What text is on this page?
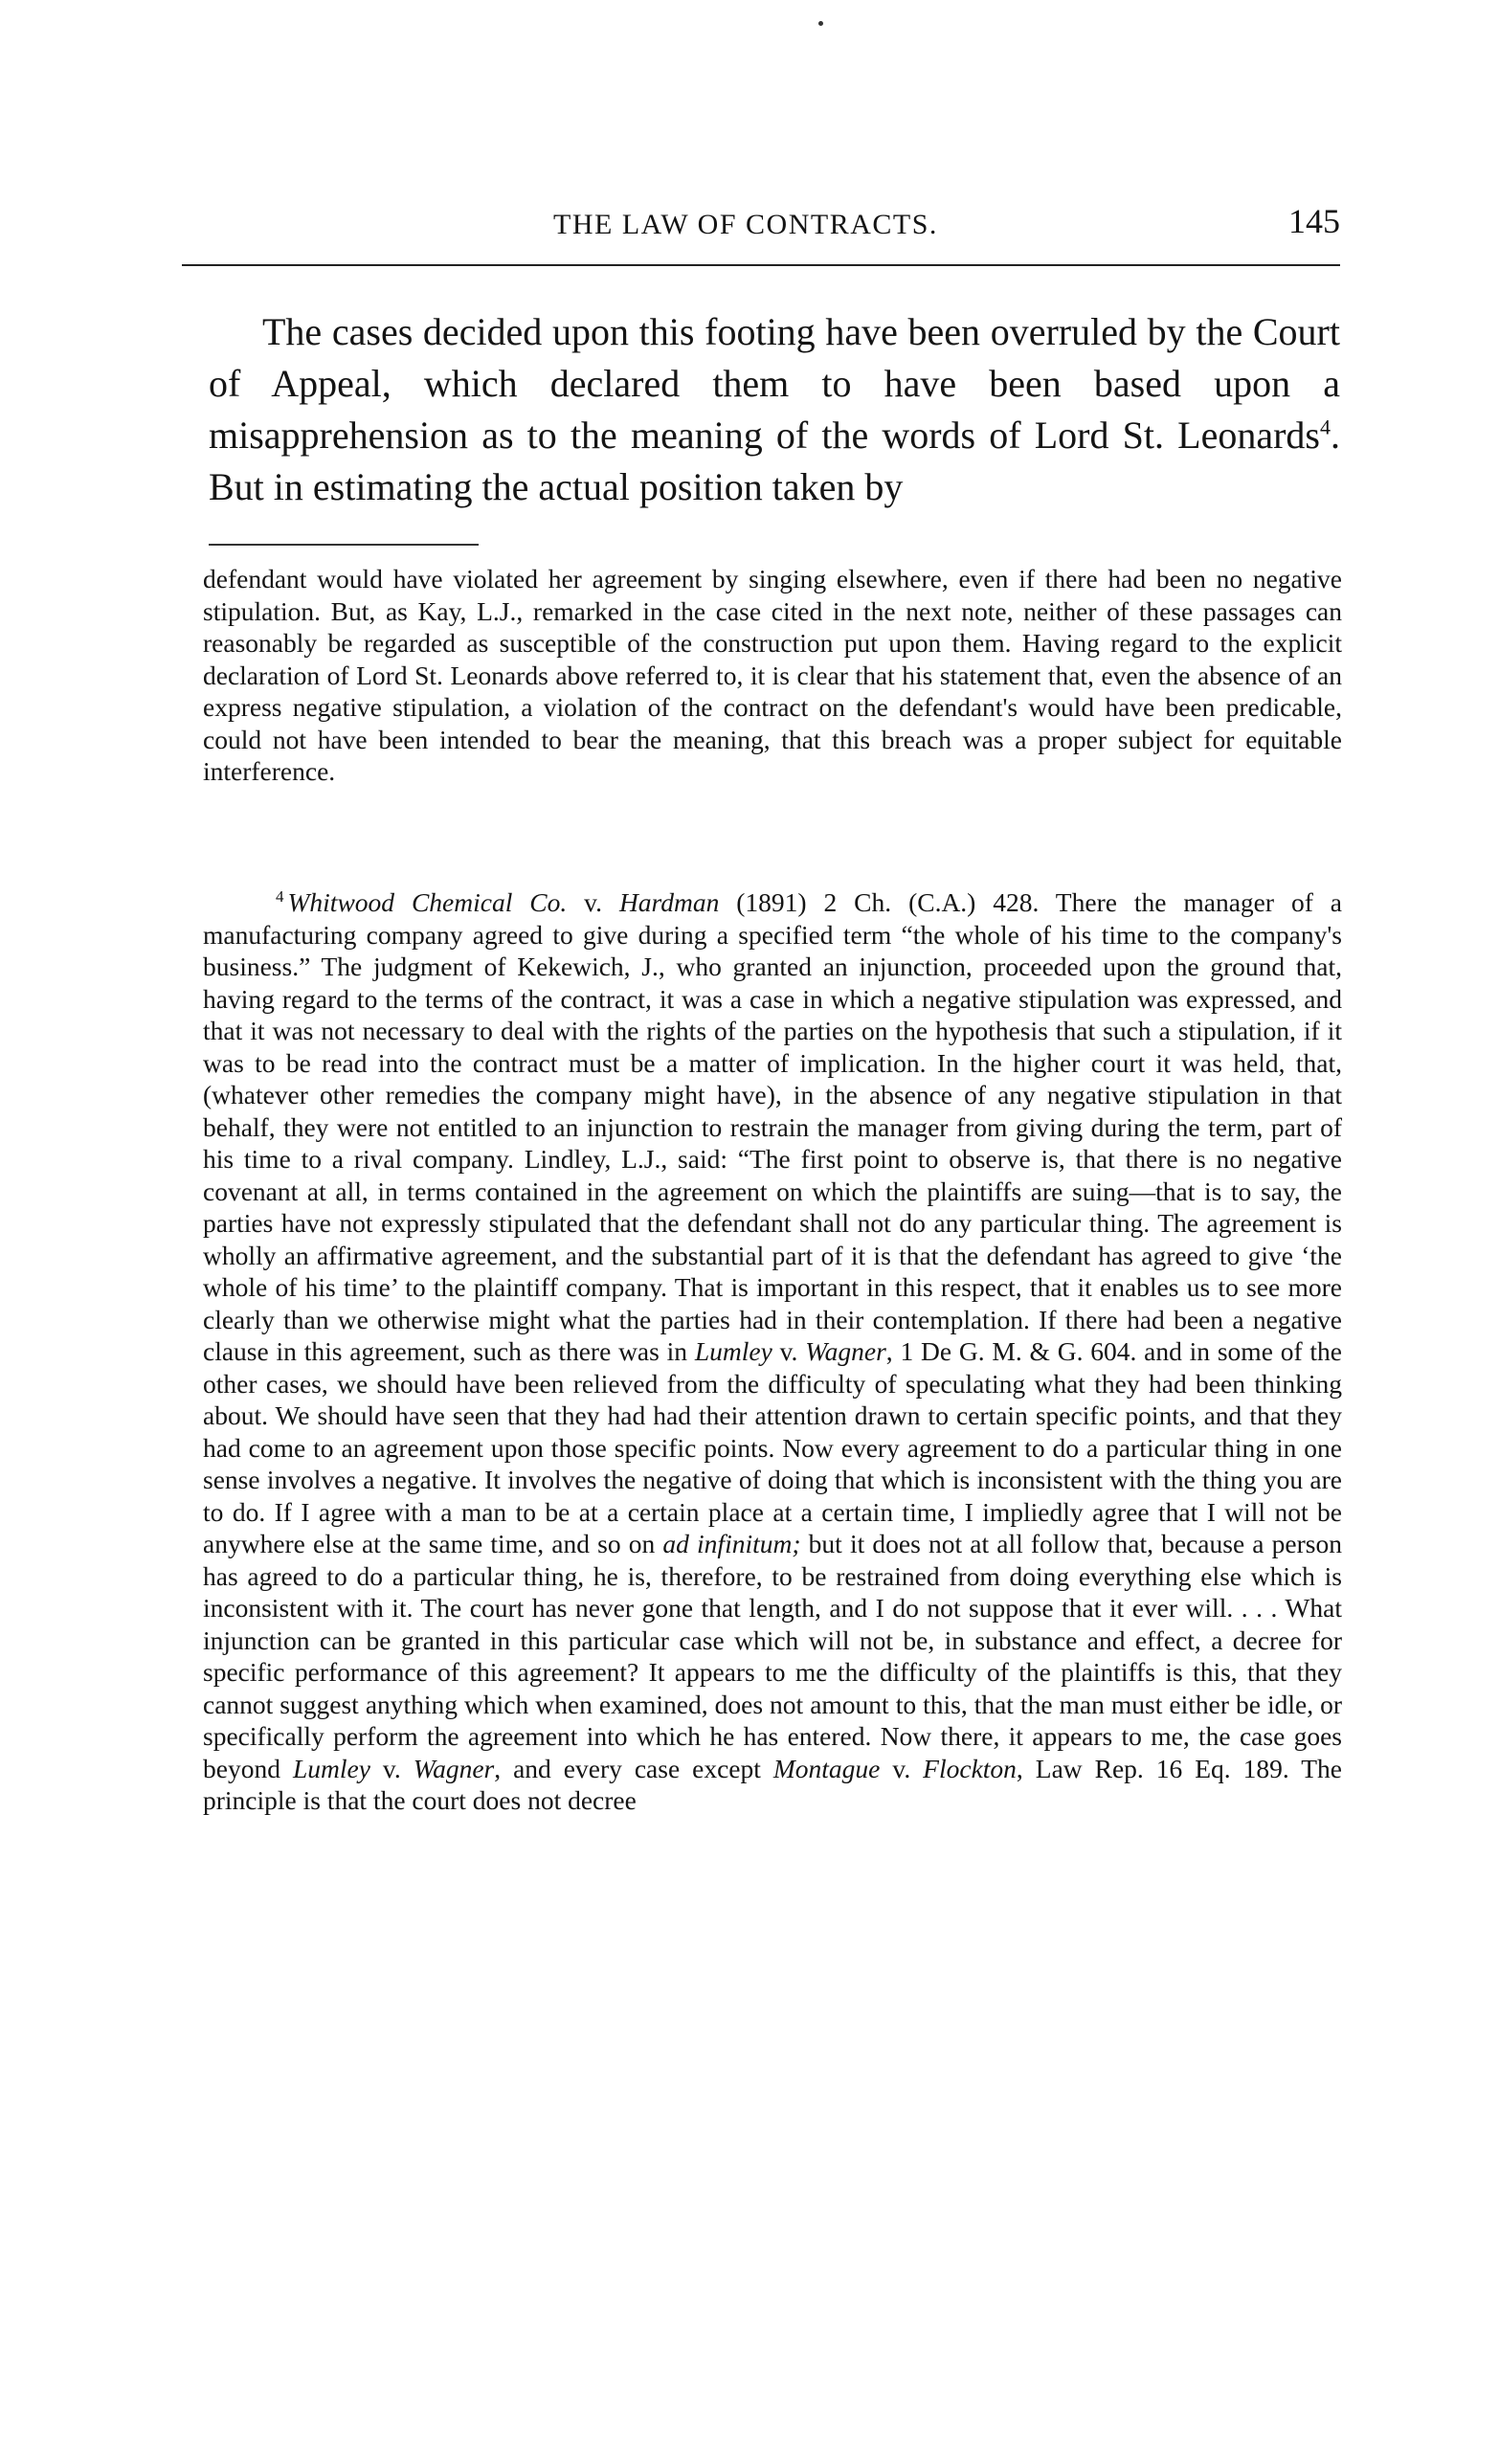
THE LAW OF CONTRACTS.	145

The cases decided upon this footing have been overruled by the Court of Appeal, which declared them to have been based upon a misapprehension as to the meaning of the words of Lord St. Leonards$^4$. But in estimating the actual position taken by

defendant would have violated her agreement by singing elsewhere, even if there had been no negative stipulation. But, as Kay, L.J., remarked in the case cited in the next note, neither of these passages can reasonably be regarded as susceptible of the construction put upon them. Having regard to the explicit declaration of Lord St. Leonards above referred to, it is clear that his statement that, even the absence of an express negative stipulation, a violation of the contract on the defendant's would have been predicable, could not have been intended to bear the meaning, that this breach was a proper subject for equitable interference.

$^4$ Whitwood Chemical Co. v. Hardman (1891) 2 Ch. (C.A.) 428. There the manager of a manufacturing company agreed to give during a specified term “the whole of his time to the company's business.” The judgment of Kekewich, J., who granted an injunction, proceeded upon the ground that, having regard to the terms of the contract, it was a case in which a negative stipulation was expressed, and that it was not necessary to deal with the rights of the parties on the hypothesis that such a stipulation, if it was to be read into the contract must be a matter of implication. In the higher court it was held, that, (whatever other remedies the company might have), in the absence of any negative stipulation in that behalf, they were not entitled to an injunction to restrain the manager from giving during the term, part of his time to a rival company. Lindley, L.J., said: “The first point to observe is, that there is no negative covenant at all, in terms contained in the agreement on which the plaintiffs are suing—that is to say, the parties have not expressly stipulated that the defendant shall not do any particular thing. The agreement is wholly an affirmative agreement, and the substantial part of it is that the defendant has agreed to give ‘the whole of his time’ to the plaintiff company. That is important in this respect, that it enables us to see more clearly than we otherwise might what the parties had in their contemplation. If there had been a negative clause in this agreement, such as there was in Lumley v. Wagner, 1 De G. M. & G. 604. and in some of the other cases, we should have been relieved from the difficulty of speculating what they had been thinking about. We should have seen that they had had their attention drawn to certain specific points, and that they had come to an agreement upon those specific points. Now every agreement to do a particular thing in one sense involves a negative. It involves the negative of doing that which is inconsistent with the thing you are to do. If I agree with a man to be at a certain place at a certain time, I impliedly agree that I will not be anywhere else at the same time, and so on ad infinitum; but it does not at all follow that, because a person has agreed to do a particular thing, he is, therefore, to be restrained from doing everything else which is inconsistent with it. The court has never gone that length, and I do not suppose that it ever will. . . . What injunction can be granted in this particular case which will not be, in substance and effect, a decree for specific performance of this agreement? It appears to me the difficulty of the plaintiffs is this, that they cannot suggest anything which when examined, does not amount to this, that the man must either be idle, or specifically perform the agreement into which he has entered. Now there, it appears to me, the case goes beyond Lumley v. Wagner, and every case except Montague v. Flockton, Law Rep. 16 Eq. 189. The principle is that the court does not decree
